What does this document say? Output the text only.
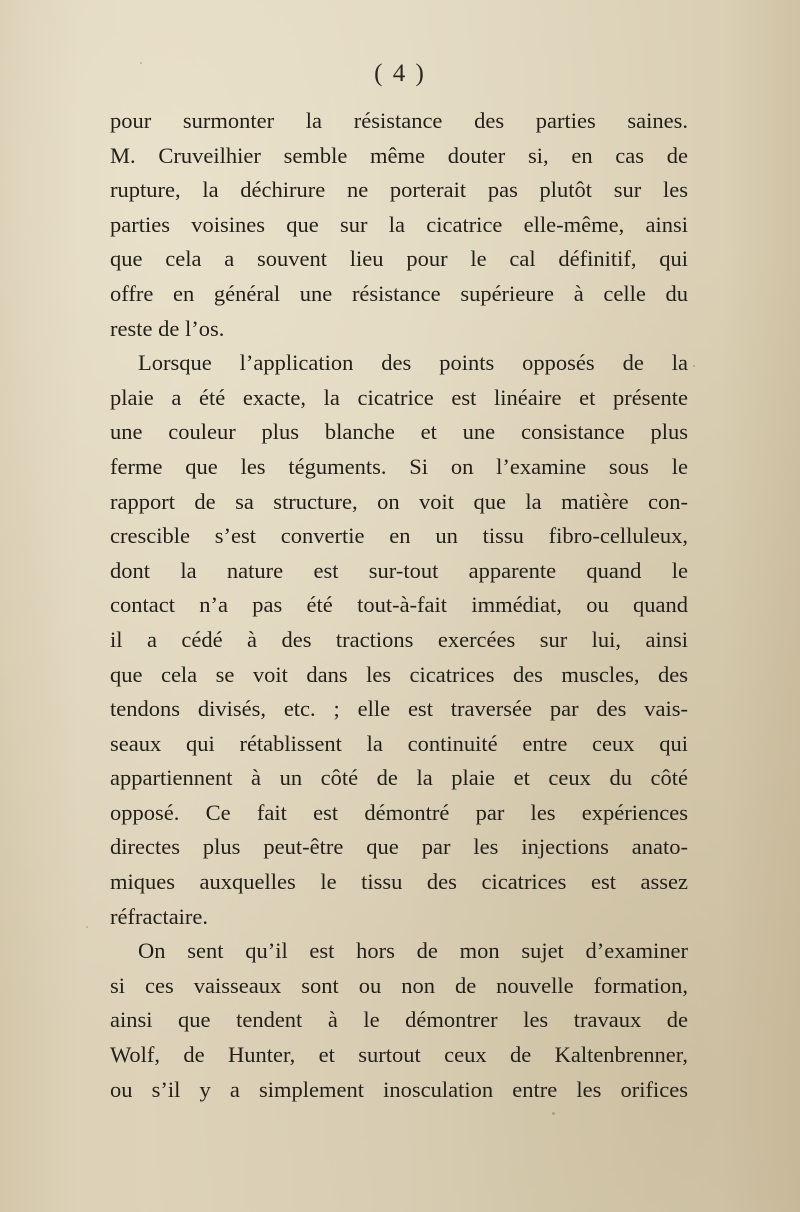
( 4 )
pour surmonter la résistance des parties saines.
M. Cruveilhier semble même douter si, en cas de
rupture, la déchirure ne porterait pas plutôt sur les
parties voisines que sur la cicatrice elle-même, ainsi
que cela a souvent lieu pour le cal définitif, qui
offre en général une résistance supérieure à celle du
reste de l’os.
Lorsque l’application des points opposés de la
plaie a été exacte, la cicatrice est linéaire et présente
une couleur plus blanche et une consistance plus
ferme que les téguments. Si on l’examine sous le
rapport de sa structure, on voit que la matière con-
crescible s’est convertie en un tissu fibro-celluleux,
dont la nature est sur-tout apparente quand le
contact n’a pas été tout-à-fait immédiat, ou quand
il a cédé à des tractions exercées sur lui, ainsi
que cela se voit dans les cicatrices des muscles, des
tendons divisés, etc. ; elle est traversée par des vais-
seaux qui rétablissent la continuité entre ceux qui
appartiennent à un côté de la plaie et ceux du côté
opposé. Ce fait est démontré par les expériences
directes plus peut-être que par les injections anato-
miques auxquelles le tissu des cicatrices est assez
réfractaire.
On sent qu’il est hors de mon sujet d’examiner
si ces vaisseaux sont ou non de nouvelle formation,
ainsi que tendent à le démontrer les travaux de
Wolf, de Hunter, et surtout ceux de Kaltenbrenner,
ou s’il y a simplement inosculation entre les orifices
